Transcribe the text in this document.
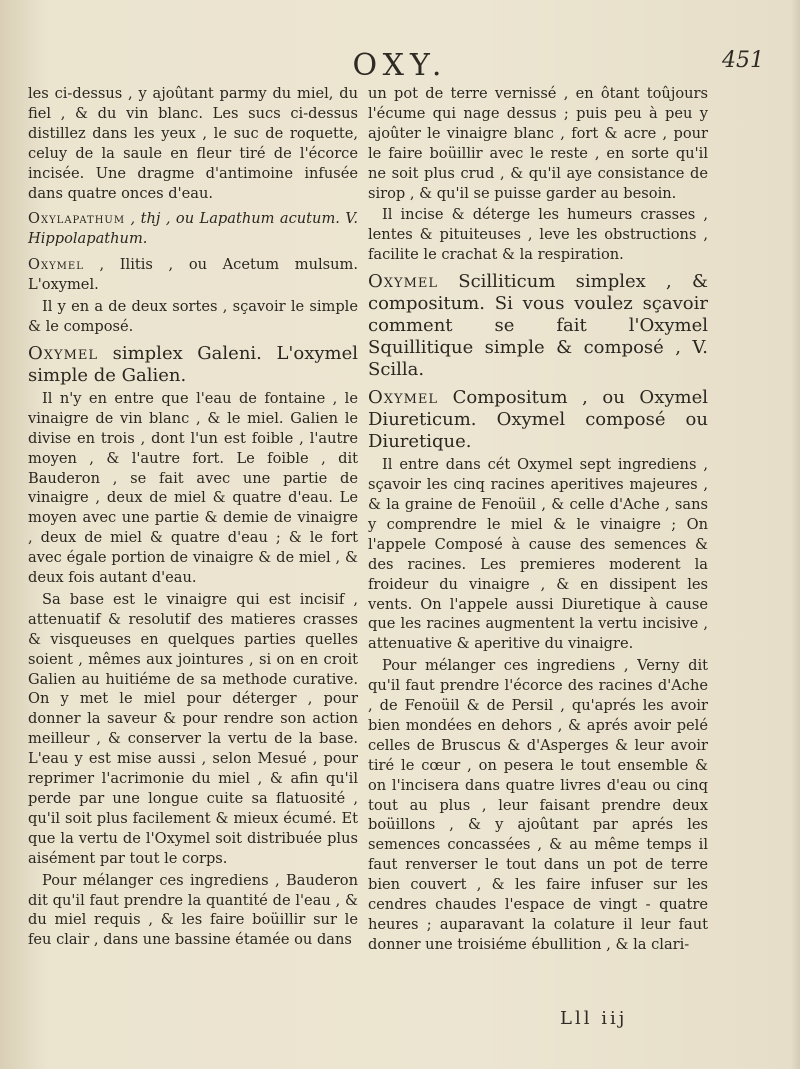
OXY.	451

les ci-dessus , y ajoûtant parmy du miel, du fiel , & du vin blanc. Les sucs ci-dessus distillez dans les yeux , le suc de roquette, celuy de la saule en fleur tiré de l'écorce incisée. Une dragme d'antimoine infusée dans quatre onces d'eau.

Oxylapathum , thj , ou Lapathum acutum. V. Hippolapathum.

Oxymel , Ilitis , ou Acetum mulsum. L'oxymel.

Il y en a de deux sortes , sçavoir le simple & le composé.

Oxymel simplex Galeni. L'oxymel simple de Galien.

Il n'y en entre que l'eau de fontaine , le vinaigre de vin blanc , & le miel. Galien le divise en trois , dont l'un est foible , l'autre moyen , & l'autre fort. Le foible , dit Bauderon , se fait avec une partie de vinaigre , deux de miel & quatre d'eau. Le moyen avec une partie & demie de vinaigre , deux de miel & quatre d'eau ; & le fort avec égale portion de vinaigre & de miel , & deux fois autant d'eau.

Sa base est le vinaigre qui est incisif , attenuatif & resolutif des matieres crasses & visqueuses en quelques parties quelles soient , mêmes aux jointures , si on en croit Galien au huitiéme de sa methode curative. On y met le miel pour déterger , pour donner la saveur & pour rendre son action meilleur , & conserver la vertu de la base. L'eau y est mise aussi , selon Mesué , pour reprimer l'acrimonie du miel , & afin qu'il perde par une longue cuite sa flatuosité , qu'il soit plus facilement & mieux écumé. Et que la vertu de l'Oxymel soit distribuée plus aisément par tout le corps.

Pour mélanger ces ingrediens , Bauderon dit qu'il faut prendre la quantité de l'eau , & du miel requis , & les faire boüillir sur le feu clair , dans une bassine étamée ou dans

un pot de terre vernissé , en ôtant toûjours l'écume qui nage dessus ; puis peu à peu y ajoûter le vinaigre blanc , fort & acre , pour le faire boüillir avec le reste , en sorte qu'il ne soit plus crud , & qu'il aye consistance de sirop , & qu'il se puisse garder au besoin.

Il incise & déterge les humeurs crasses , lentes & pituiteuses , leve les obstructions , facilite le crachat & la respiration.

Oxymel Scilliticum simplex , & compositum. Si vous voulez sçavoir comment se fait l'Oxymel Squillitique simple & composé , V. Scilla.

Oxymel Compositum , ou Oxymel Diureticum. Oxymel composé ou Diuretique.

Il entre dans cét Oxymel sept ingrediens , sçavoir les cinq racines aperitives majeures , & la graine de Fenoüil , & celle d'Ache , sans y comprendre le miel & le vinaigre ; On l'appele Composé à cause des semences & des racines. Les premieres moderent la froideur du vinaigre , & en dissipent les vents. On l'appele aussi Diuretique à cause que les racines augmentent la vertu incisive , attenuative & aperitive du vinaigre.

Pour mélanger ces ingrediens , Verny dit qu'il faut prendre l'écorce des racines d'Ache , de Fenoüil & de Persil , qu'aprés les avoir bien mondées en dehors , & aprés avoir pelé celles de Bruscus & d'Asperges & leur avoir tiré le cœur , on pesera le tout ensemble & on l'incisera dans quatre livres d'eau ou cinq tout au plus , leur faisant prendre deux boüillons , & y ajoûtant par aprés les semences concassées , & au même temps il faut renverser le tout dans un pot de terre bien couvert , & les faire infuser sur les cendres chaudes l'espace de vingt - quatre heures ; auparavant la colature il leur faut donner une troisiéme ébullition , & la clari-

Lll iij
